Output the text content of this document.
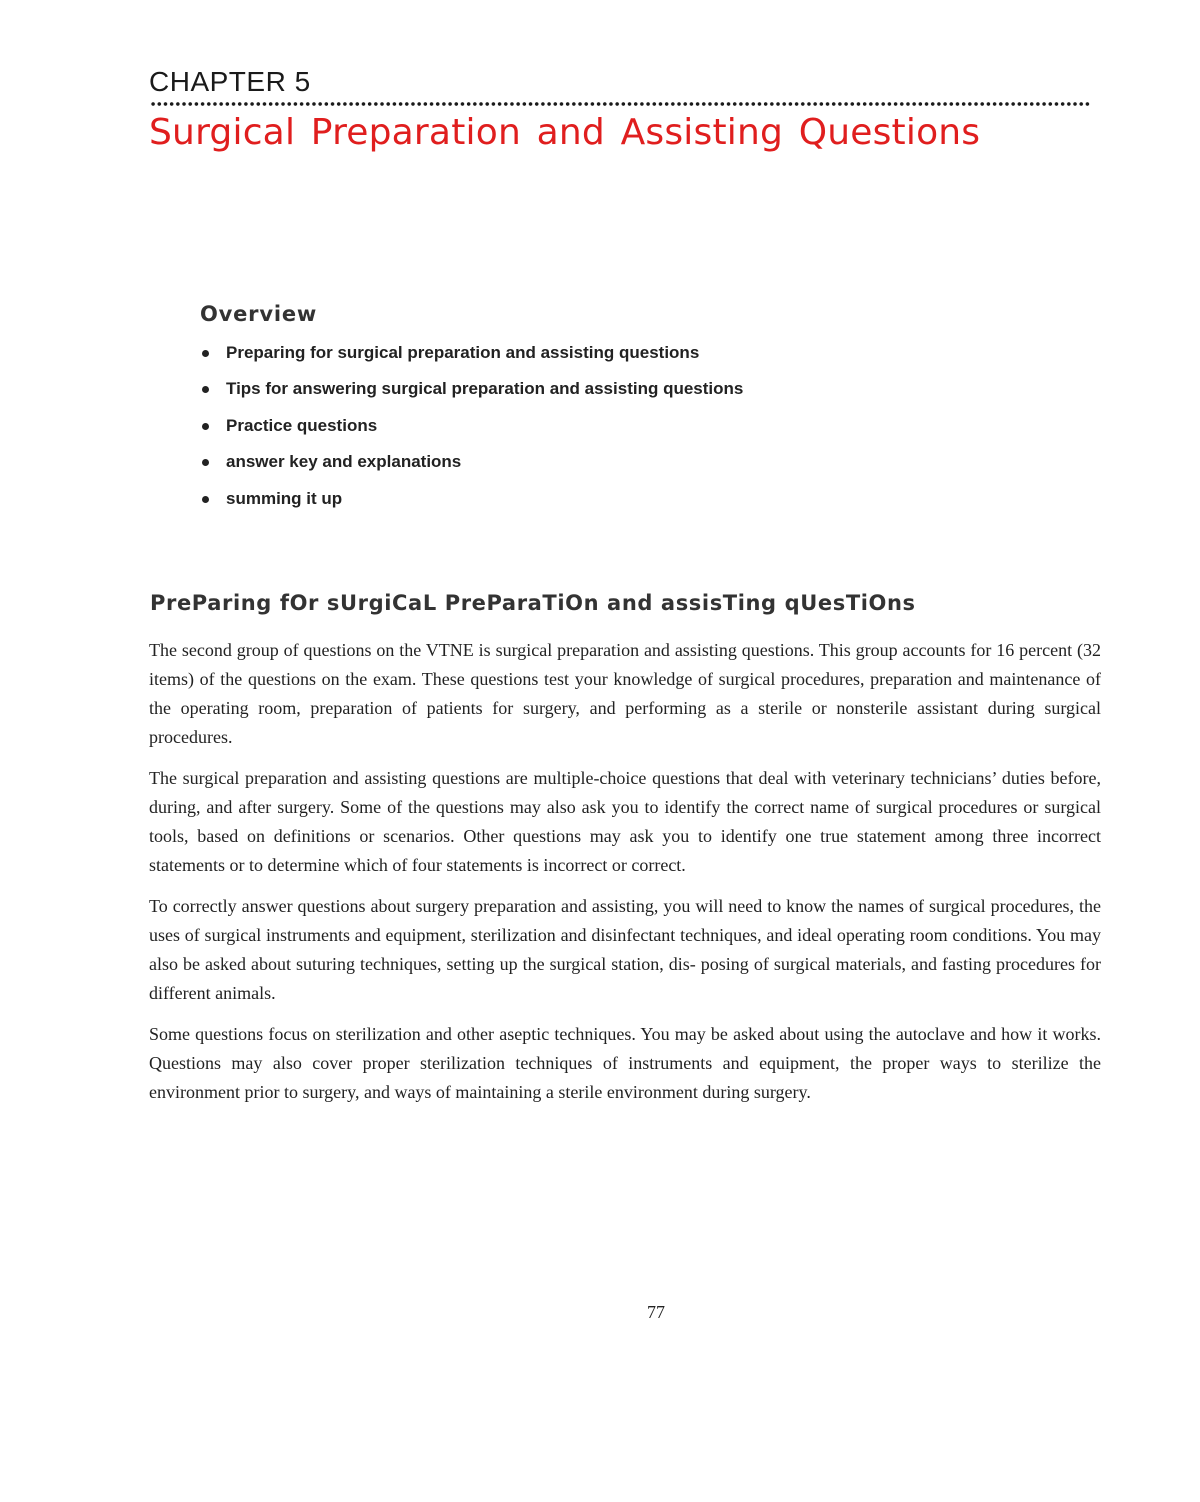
CHAPTER 5
Surgical Preparation and Assisting Questions
Overview
Preparing for surgical preparation and assisting questions
Tips for answering surgical preparation and assisting questions
Practice questions
answer key and explanations
summing it up
PreParing fOr sUrgiCaL PreParaTiOn and assisTing qUesTiOns

The second group of questions on the VTNE is surgical preparation and assisting questions. This group accounts for 16 percent (32 items) of the questions on the exam. These questions test your knowledge of surgical procedures, preparation and maintenance of the operating room, preparation of patients for surgery, and performing as a sterile or nonsterile assistant during surgical procedures.

The surgical preparation and assisting questions are multiple-choice questions that deal with veterinary technicians’ duties before, during, and after surgery. Some of the questions may also ask you to identify the correct name of surgical procedures or surgical tools, based on definitions or scenarios. Other questions may ask you to identify one true statement among three incorrect statements or to determine which of four statements is incorrect or correct.

To correctly answer questions about surgery preparation and assisting, you will need to know the names of surgical procedures, the uses of surgical instruments and equipment, sterilization and disinfectant techniques, and ideal operating room conditions. You may also be asked about suturing techniques, setting up the surgical station, dis- posing of surgical materials, and fasting procedures for different animals.

Some questions focus on sterilization and other aseptic techniques. You may be asked about using the autoclave and how it works. Questions may also cover proper sterilization techniques of instruments and equipment, the proper ways to sterilize the environment prior to surgery, and ways of maintaining a sterile environment during surgery.

77
